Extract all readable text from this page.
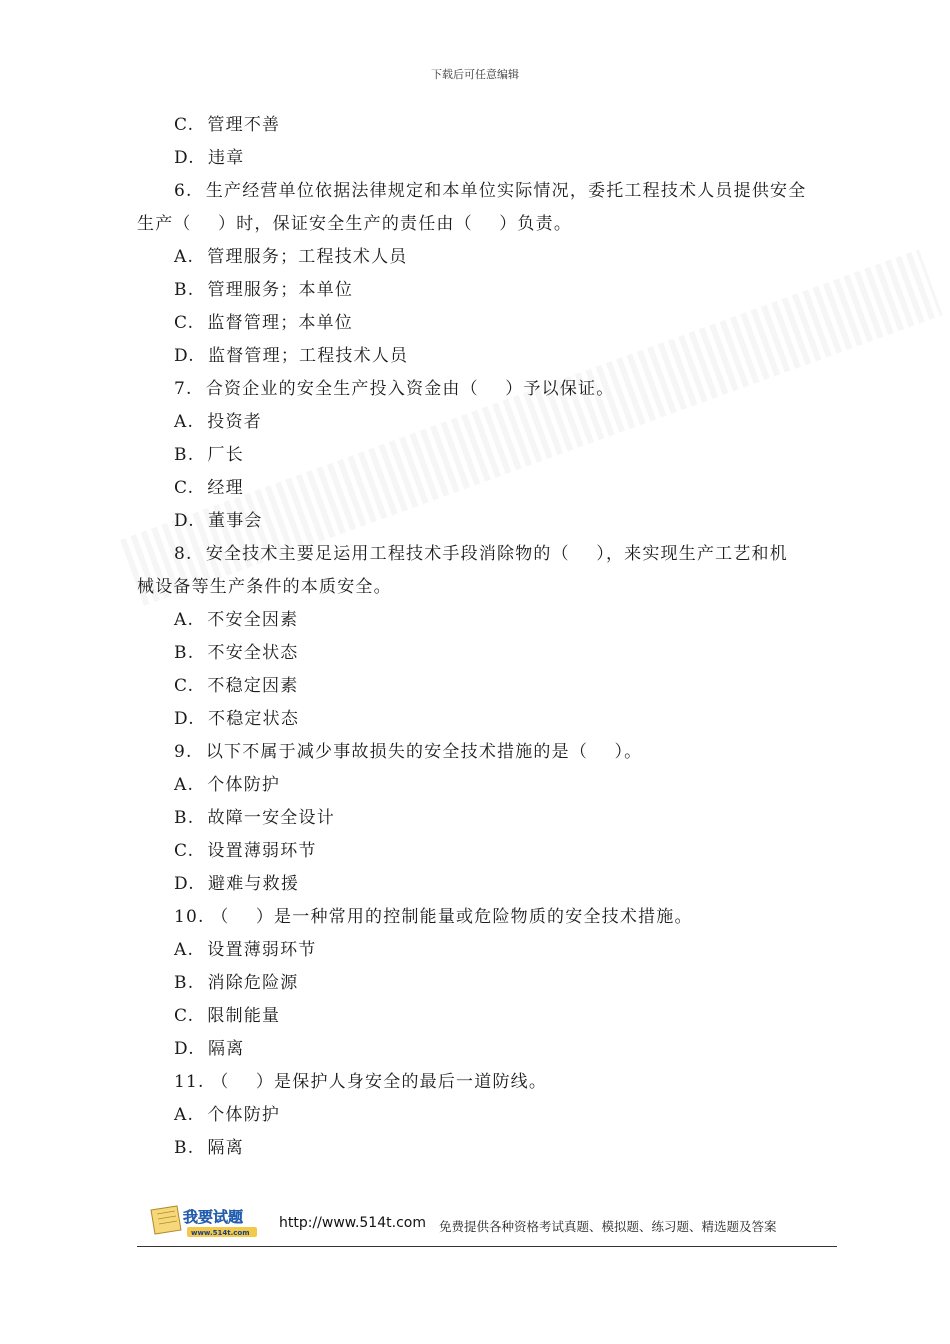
下载后可任意编辑
C.  管理不善
D.  违章
6.  生产经营单位依据法律规定和本单位实际情况，委托工程技术人员提供安全
生产（    ）时，保证安全生产的责任由（    ）负责。
A.  管理服务；工程技术人员
B.  管理服务；本单位
C.  监督管理；本单位
D.  监督管理；工程技术人员
7.  合资企业的安全生产投入资金由（    ）予以保证。
A.  投资者
B.  厂长
C.  经理
D.  董事会
8.  安全技术主要足运用工程技术手段消除物的（    ），来实现生产工艺和机
械设备等生产条件的本质安全。
A.  不安全因素
B.  不安全状态
C.  不稳定因素
D.  不稳定状态
9.  以下不属于减少事故损失的安全技术措施的是（    ）。
A.  个体防护
B.  故障一安全设计
C.  设置薄弱环节
D.  避难与救援
10. （    ）是一种常用的控制能量或危险物质的安全技术措施。
A.  设置薄弱环节
B.  消除危险源
C.  限制能量
D.  隔离
11. （    ）是保护人身安全的最后一道防线。
A.  个体防护
B.  隔离
我要试题
www.514t.com
http://www.514t.com 免费提供各种资格考试真题、模拟题、练习题、精选题及答案
